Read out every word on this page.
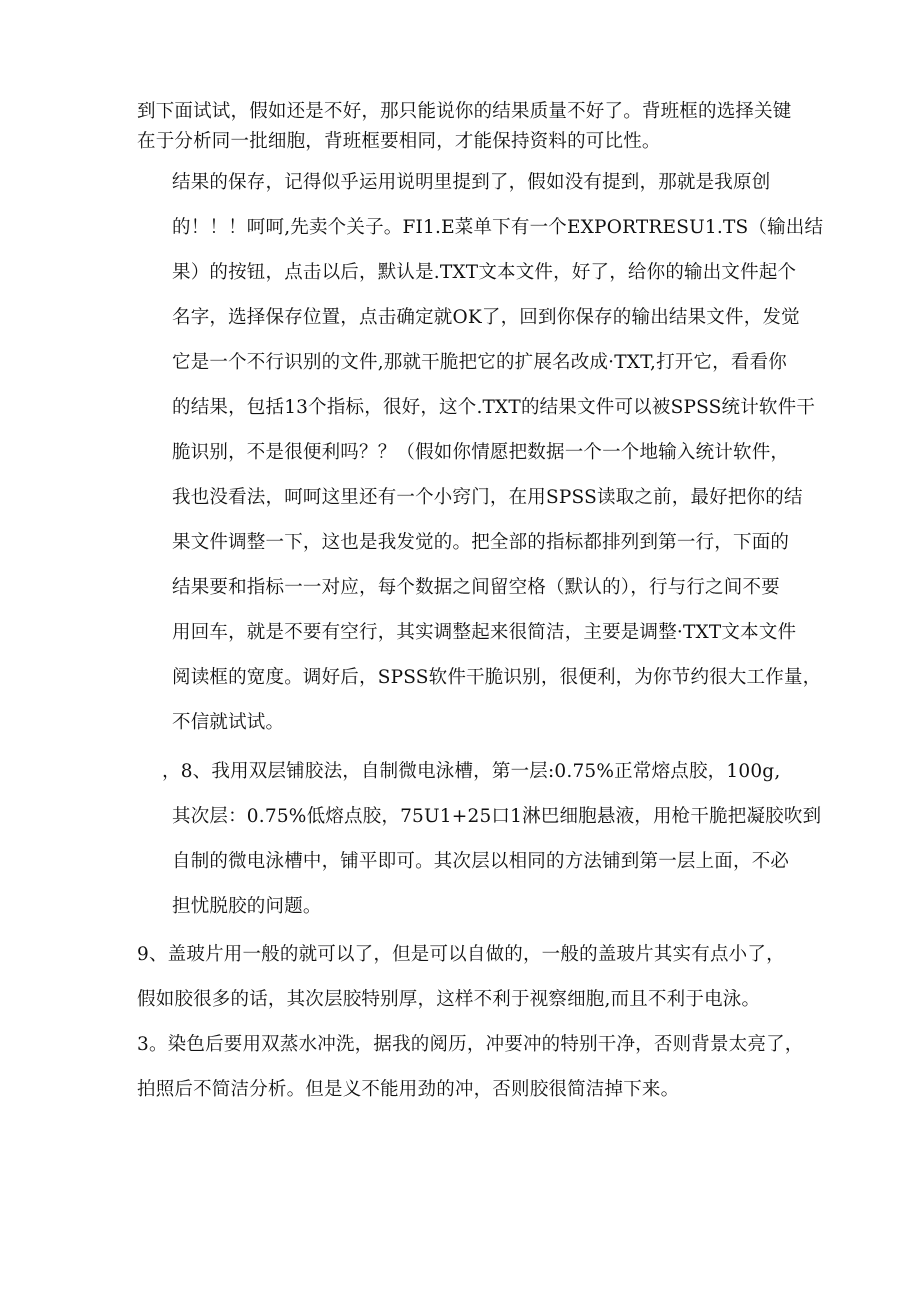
到下面试试，假如还是不好，那只能说你的结果质量不好了。背班框的选择关键
在于分析同一批细胞，背班框要相同，才能保持资料的可比性。
结果的保存，记得似乎运用说明里提到了，假如没有提到，那就是我原创
的！！！呵呵,先卖个关子。FI1.E菜单下有一个EXPORTRESU1.TS（输出结
果）的按钮，点击以后，默认是.TXT文本文件，好了，给你的输出文件起个
名字，选择保存位置，点击确定就OK了，回到你保存的输出结果文件，发觉
它是一个不行识别的文件,那就干脆把它的扩展名改成·TXT,打开它，看看你
的结果，包括13个指标，很好，这个.TXT的结果文件可以被SPSS统计软件干
脆识别，不是很便利吗？？（假如你情愿把数据一个一个地输入统计软件，
我也没看法，呵呵这里还有一个小窍门，在用SPSS读取之前，最好把你的结
果文件调整一下，这也是我发觉的。把全部的指标都排列到第一行，下面的
结果要和指标一一对应，每个数据之间留空格（默认的），行与行之间不要
用回车，就是不要有空行，其实调整起来很简洁，主要是调整·TXT文本文件
阅读框的宽度。调好后，SPSS软件干脆识别，很便利，为你节约很大工作量，
不信就试试。
，8、我用双层铺胶法，自制微电泳槽，第一层:0.75%正常熔点胶，100g,
其次层：0.75%低熔点胶，75U1+25口1淋巴细胞悬液，用枪干脆把凝胶吹到
自制的微电泳槽中，铺平即可。其次层以相同的方法铺到第一层上面，不必
担忧脱胶的问题。
9、盖玻片用一般的就可以了，但是可以自做的，一般的盖玻片其实有点小了，
假如胶很多的话，其次层胶特别厚，这样不利于视察细胞,而且不利于电泳。
3。染色后要用双蒸水冲洗，据我的阅历，冲要冲的特别干净，否则背景太亮了，
拍照后不简洁分析。但是义不能用劲的冲，否则胶很简洁掉下来。
